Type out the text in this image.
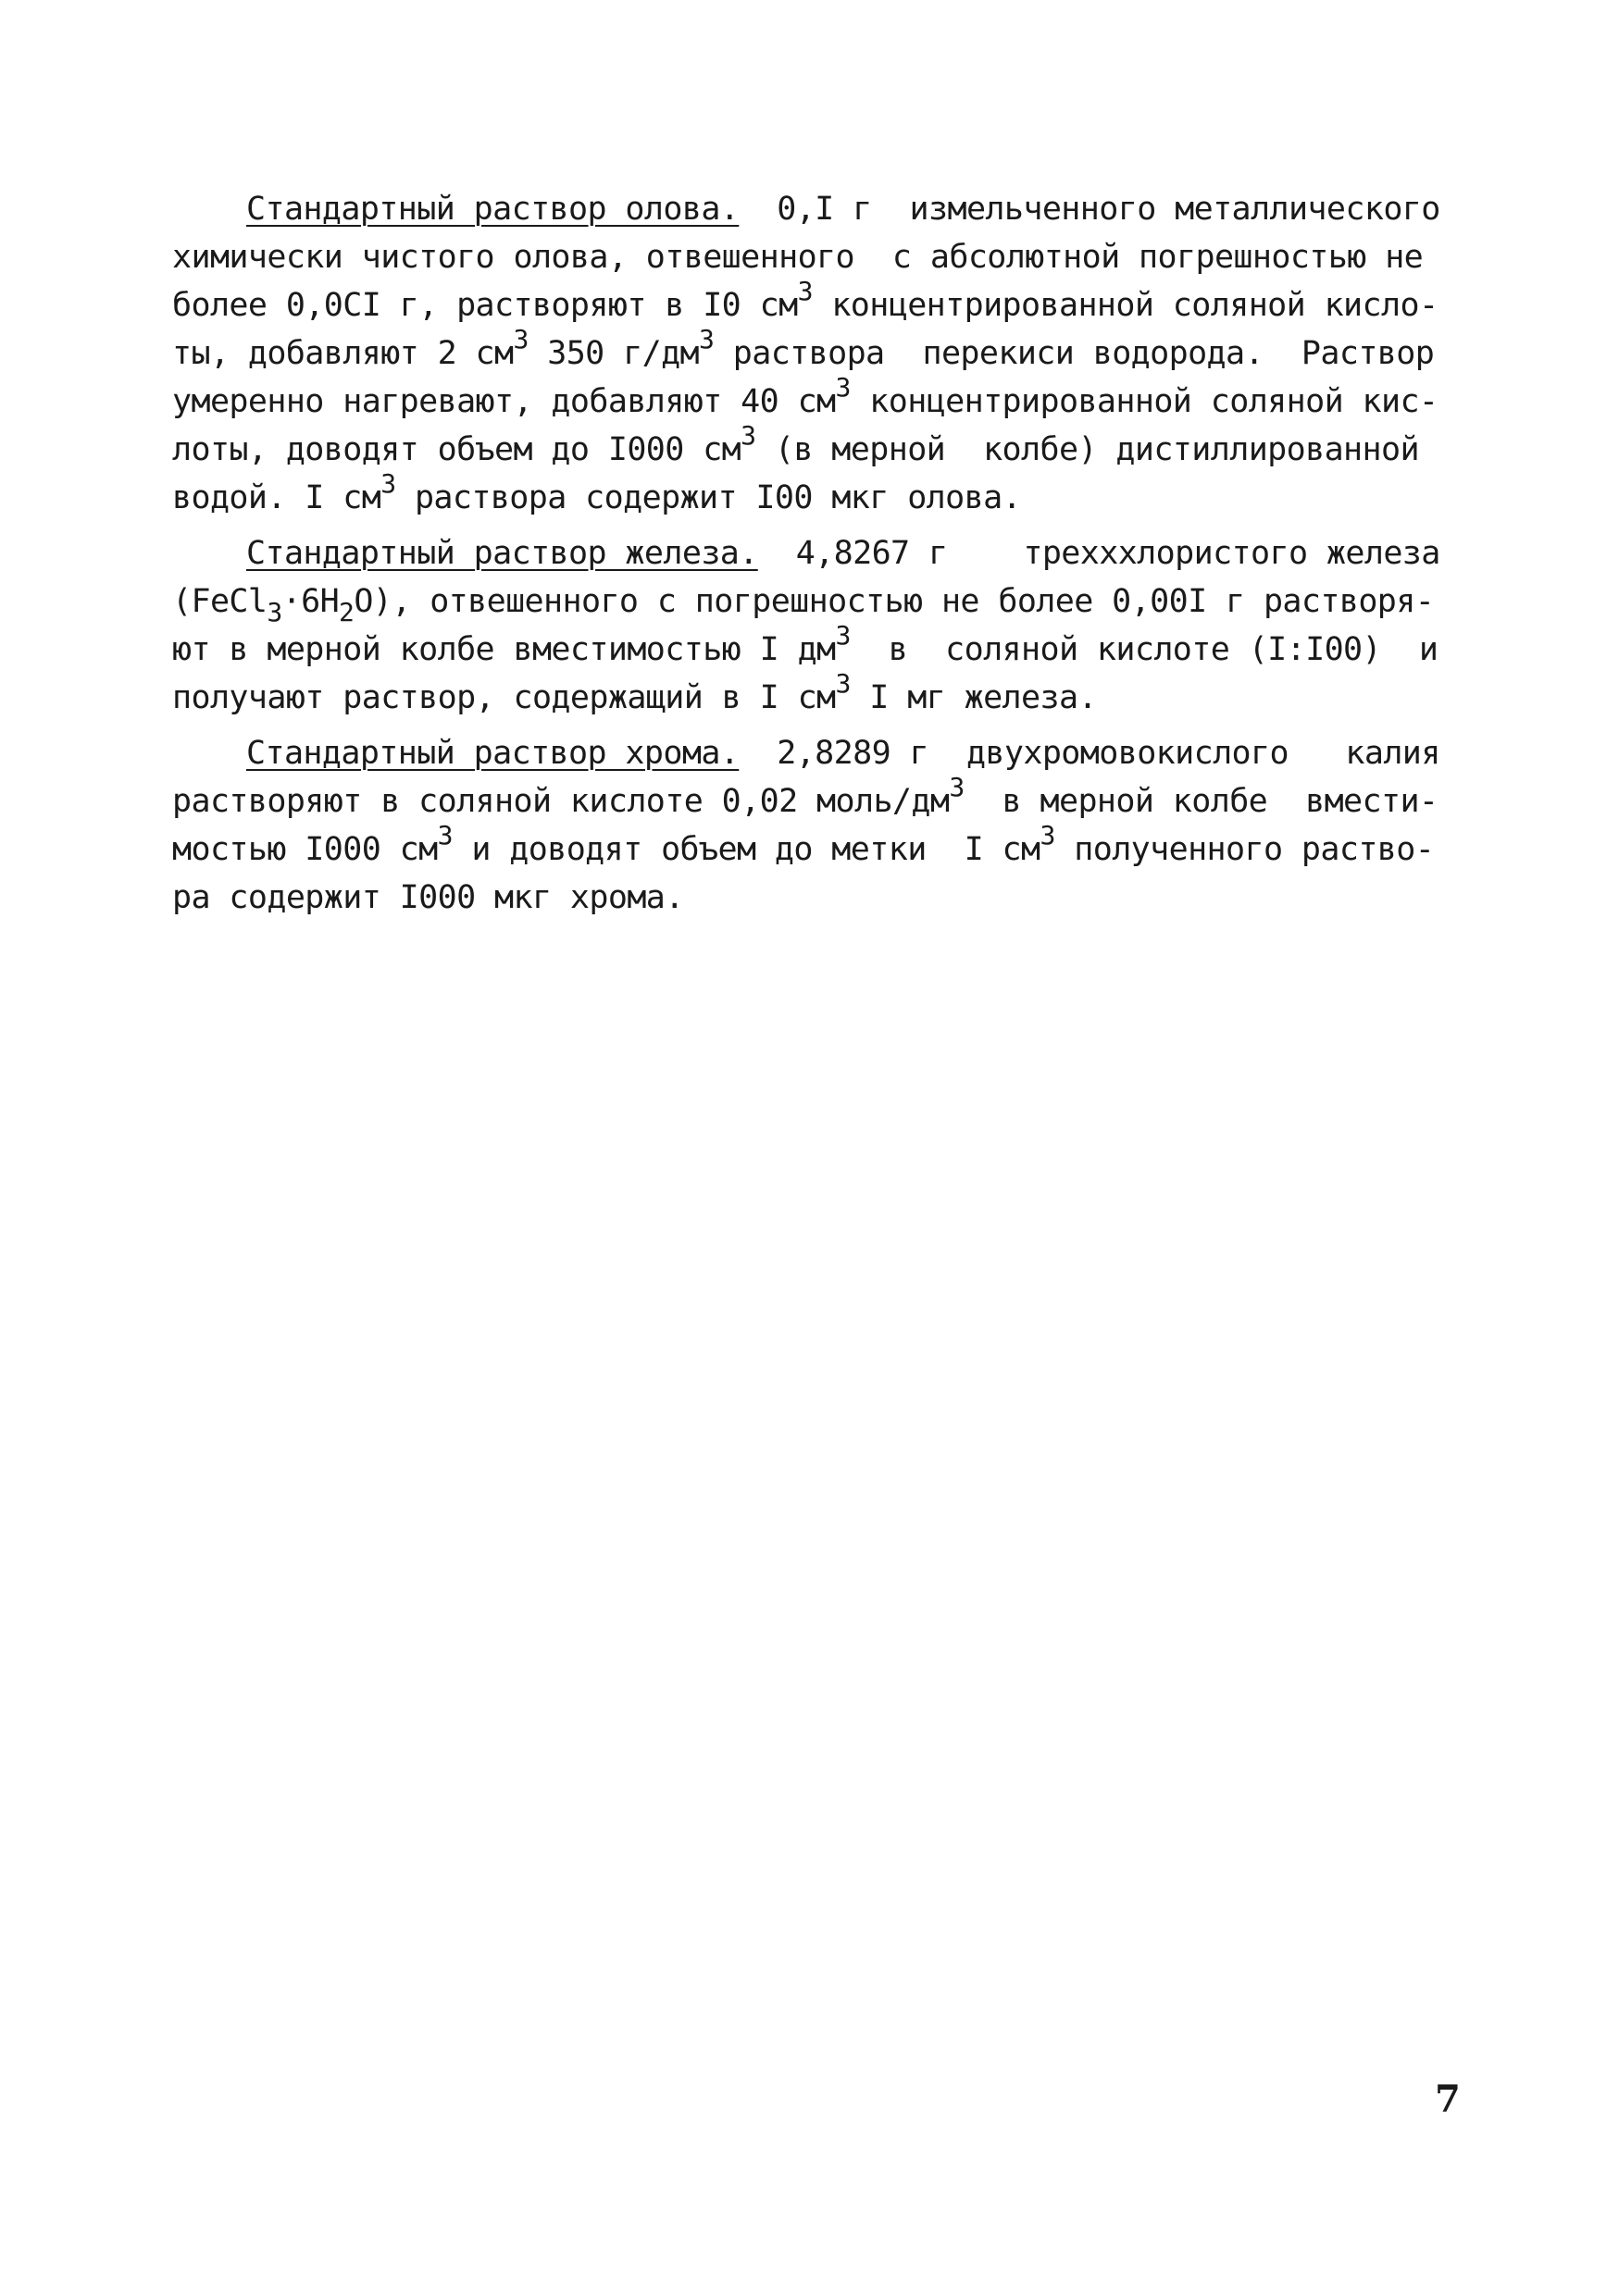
Стандартный раствор олова.  0,I г  измельченного металлического
химически чистого олова, отвешенного  с абсолютной погрешностью не
более 0,0CI г, растворяют в I0 $см^3$ концентрированной соляной кисло-
ты, добавляют 2 $см^3$ 350 $г/дм^3$ раствора  перекиси водорода.  Раствор
умеренно нагревают, добавляют 40 $см^3$ концентрированной соляной кис-
лоты, доводят объем до I000 $см^3$ (в мерной  колбе) дистиллированной
водой. I $см^3$ раствора содержит I00 мкг олова.
Стандартный раствор железа.  4,8267 г    трехххлористого железа
$(FeCl_3\cdot 6H_2O)$, отвешенного с погрешностью не более 0,00I г растворя-
ют в мерной колбе вместимостью I $дм^3$  в  соляной кислоте (I:I00)  и
получают раствор, содержащий в I $см^3$ I мг железа.
Стандартный раствор хрома.  2,8289 г  двухромовокислого   калия
растворяют в соляной кислоте 0,02 моль/$дм^3$  в мерной колбе  вмести-
мостью I000 $см^3$ и доводят объем до метки  I $см^3$ полученного раство-
ра содержит I000 мкг хрома.
7
